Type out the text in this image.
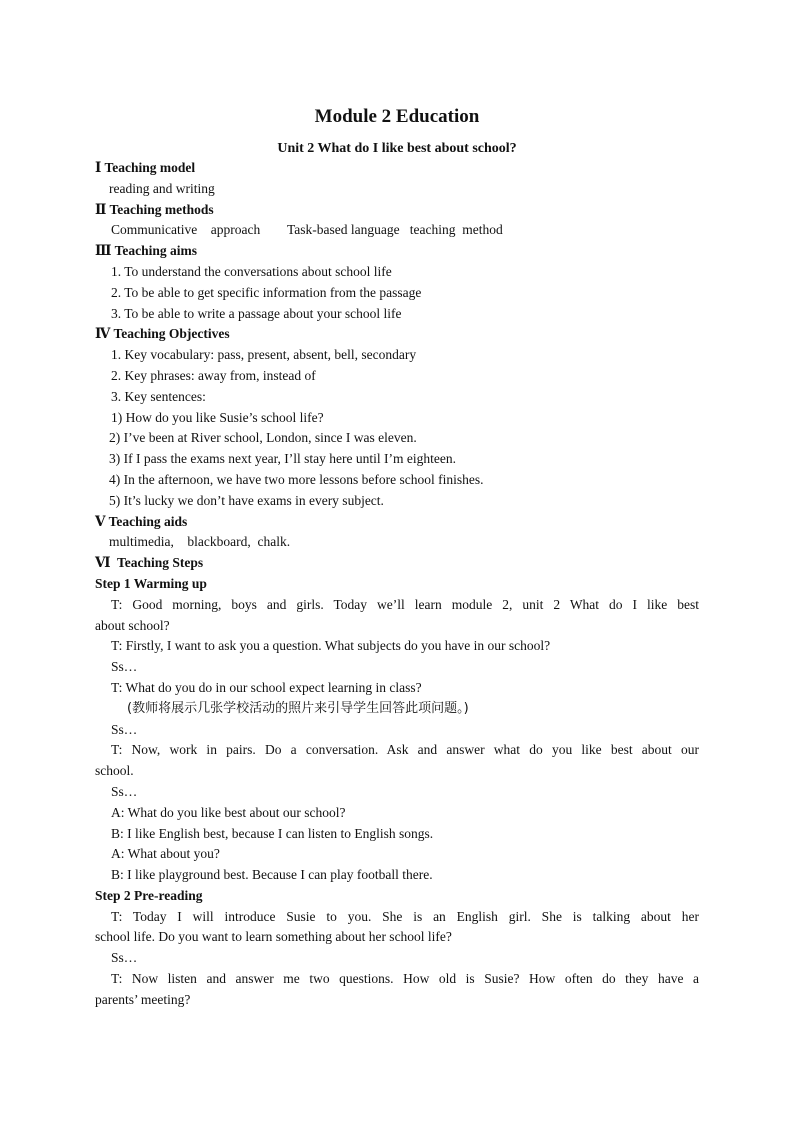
Module 2 Education
Unit 2 What do I like best about school?
Ⅰ Teaching model
reading and writing
Ⅱ Teaching methods
Communicative    approach        Task-based language   teaching  method
Ⅲ Teaching aims
1. To understand the conversations about school life
2. To be able to get specific information from the passage
3. To be able to write a passage about your school life
Ⅳ Teaching Objectives
1. Key vocabulary: pass, present, absent, bell, secondary
2. Key phrases: away from, instead of
3. Key sentences:
1) How do you like Susie’s school life?
2) I’ve been at River school, London, since I was eleven.
3) If I pass the exams next year, I’ll stay here until I’m eighteen.
4) In the afternoon, we have two more lessons before school finishes.
5) It’s lucky we don’t have exams in every subject.
Ⅴ Teaching aids
multimedia,    blackboard,  chalk.
Ⅵ  Teaching Steps
Step 1 Warming up
T: Good morning, boys and girls. Today we’ll learn module 2, unit 2 What do I like best
about school?
T: Firstly, I want to ask you a question. What subjects do you have in our school?
Ss…
T: What do you do in our school expect learning in class?
(教师将展示几张学校活动的照片来引导学生回答此项问题。)
Ss…
T: Now, work in pairs. Do a conversation. Ask and answer what do you like best about our
school.
Ss…
A: What do you like best about our school?
B: I like English best, because I can listen to English songs.
A: What about you?
B: I like playground best. Because I can play football there.
Step 2 Pre-reading
T: Today I will introduce Susie to you. She is an English girl. She is talking about her
school life. Do you want to learn something about her school life?
Ss…
T: Now listen and answer me two questions. How old is Susie? How often do they have a
parents’ meeting?
